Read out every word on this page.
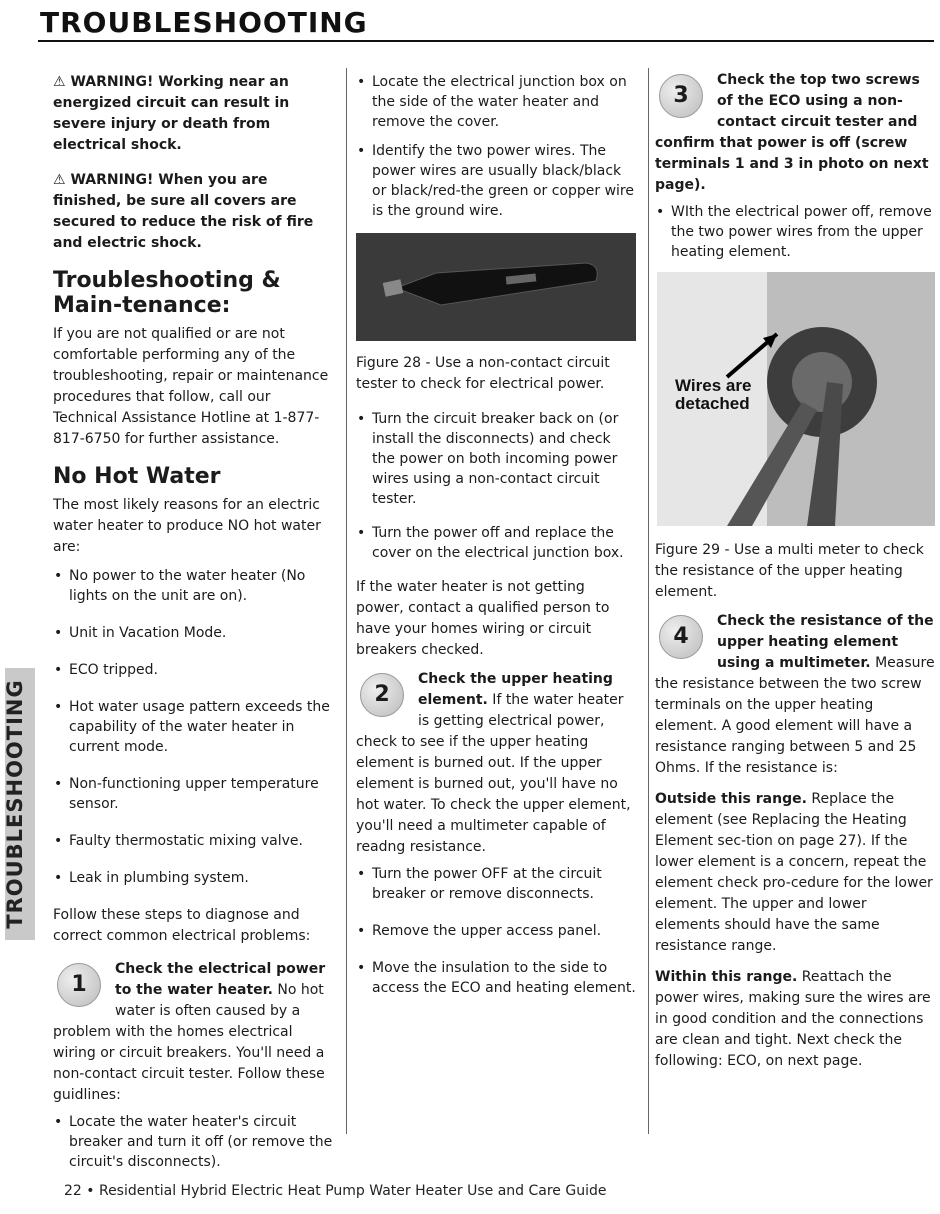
TROUBLESHOOTING
TROUBLESHOOTING
⚠ WARNING! Working near an energized circuit can result in severe injury or death from electrical shock.
⚠ WARNING! When you are finished, be sure all covers are secured to reduce the risk of fire and electric shock.
Troubleshooting & Main-tenance:

If you are not qualified or are not comfortable performing any of the troubleshooting, repair or maintenance procedures that follow, call our Technical Assistance Hotline at 1-877-817-6750 for further assistance.

No Hot Water

The most likely reasons for an electric water heater to produce NO hot water are:

• No power to the water heater (No lights on the unit are on).
• Unit in Vacation Mode.
• ECO tripped.
• Hot water usage pattern exceeds the capability of the water heater in current mode.
• Non-functioning upper temperature sensor.
• Faulty thermostatic mixing valve.
• Leak in plumbing system.

Follow these steps to diagnose and correct common electrical problems:

1
Check the electrical power to the water heater. No hot water is often caused by a problem with the homes electrical wiring or circuit breakers. You'll need a non-contact circuit tester. Follow these guidlines:
• Locate the water heater's circuit breaker and turn it off (or remove the circuit's disconnects).
• Locate the electrical junction box on the side of the water heater and remove the cover.
• Identify the two power wires. The power wires are usually black/black or black/red-the green or copper wire is the ground wire.
Figure 28 - Use a non-contact circuit tester to check for electrical power.
• Turn the circuit breaker back on (or install the disconnects) and check the power on both incoming power wires using a non-contact circuit tester.
• Turn the power off and replace the cover on the electrical junction box.

If the water heater is not getting power, contact a qualified person to have your homes wiring or circuit breakers checked.

2
Check the upper heating element. If the water heater is getting electrical power, check to see if the upper heating element is burned out. If the upper element is burned out, you'll have no hot water. To check the upper element, you'll need a multimeter capable of readng resistance.
• Turn the power OFF at the circuit breaker or remove disconnects.
• Remove the upper access panel.
• Move the insulation to the side to access the ECO and heating element.
3
Check the top two screws of the ECO using a non-contact circuit tester and confirm that power is off (screw terminals 1 and 3 in photo on next page).
• WIth the electrical power off, remove the two power wires from the upper heating element.
Wires are detached
Figure 29 - Use a multi meter to check the resistance of the upper heating element.
4
Check the resistance of the upper heating element using a multimeter. Measure the resistance between the two screw terminals on the upper heating element. A good element will have a resistance ranging between 5 and 25 Ohms. If the resistance is:

Outside this range. Replace the element (see Replacing the Heating Element sec-tion on page 27). If the lower element is a concern, repeat the element check pro-cedure for the lower element. The upper and lower elements should have the same resistance range.

Within this range. Reattach the power wires, making sure the wires are in good condition and the connections are clean and tight. Next check the following: ECO, on next page.

22 • Residential Hybrid Electric Heat Pump Water Heater Use and Care Guide
